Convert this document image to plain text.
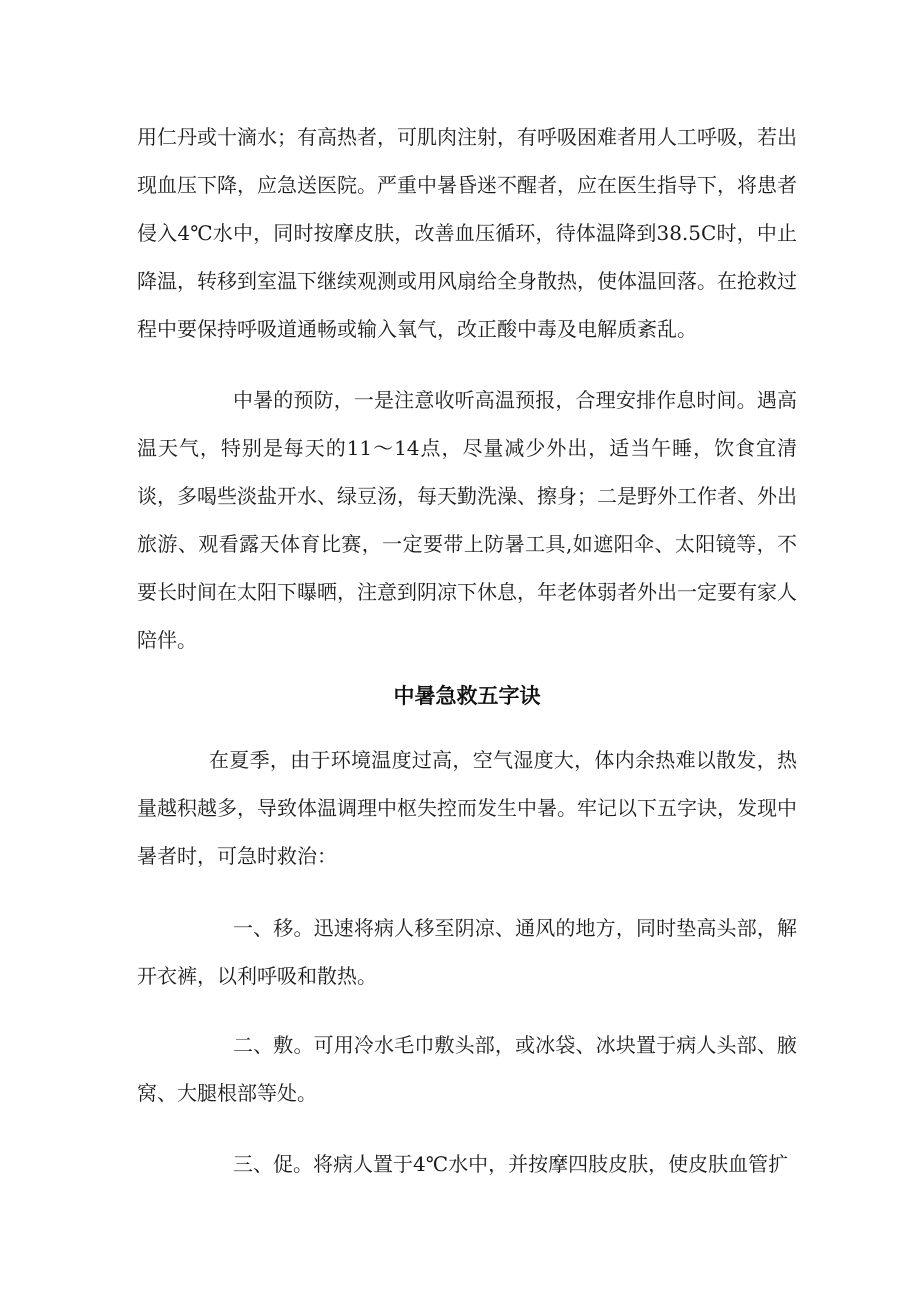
用仁丹或十滴水；有高热者，可肌肉注射，有呼吸困难者用人工呼吸，若出现血压下降，应急送医院。严重中暑昏迷不醒者，应在医生指导下，将患者侵入4℃水中，同时按摩皮肤，改善血压循环，待体温降到38.5C时，中止降温，转移到室温下继续观测或用风扇给全身散热，使体温回落。在抢救过程中要保持呼吸道通畅或输入氧气，改正酸中毒及电解质紊乱。

中暑的预防，一是注意收听高温预报，合理安排作息时间。遇高温天气，特别是每天的11～14点，尽量减少外出，适当午睡，饮食宜清谈，多喝些淡盐开水、绿豆汤，每天勤洗澡、擦身；二是野外工作者、外出旅游、观看露天体育比赛，一定要带上防暑工具,如遮阳伞、太阳镜等，不要长时间在太阳下曝晒，注意到阴凉下休息，年老体弱者外出一定要有家人陪伴。

中暑急救五字诀

在夏季，由于环境温度过高，空气湿度大，体内余热难以散发，热量越积越多，导致体温调理中枢失控而发生中暑。牢记以下五字诀，发现中暑者时，可急时救治：

一、移。迅速将病人移至阴凉、通风的地方，同时垫高头部，解开衣裤，以利呼吸和散热。

二、敷。可用冷水毛巾敷头部，或冰袋、冰块置于病人头部、腋窝、大腿根部等处。

三、促。将病人置于4℃水中，并按摩四肢皮肤，使皮肤血管扩
